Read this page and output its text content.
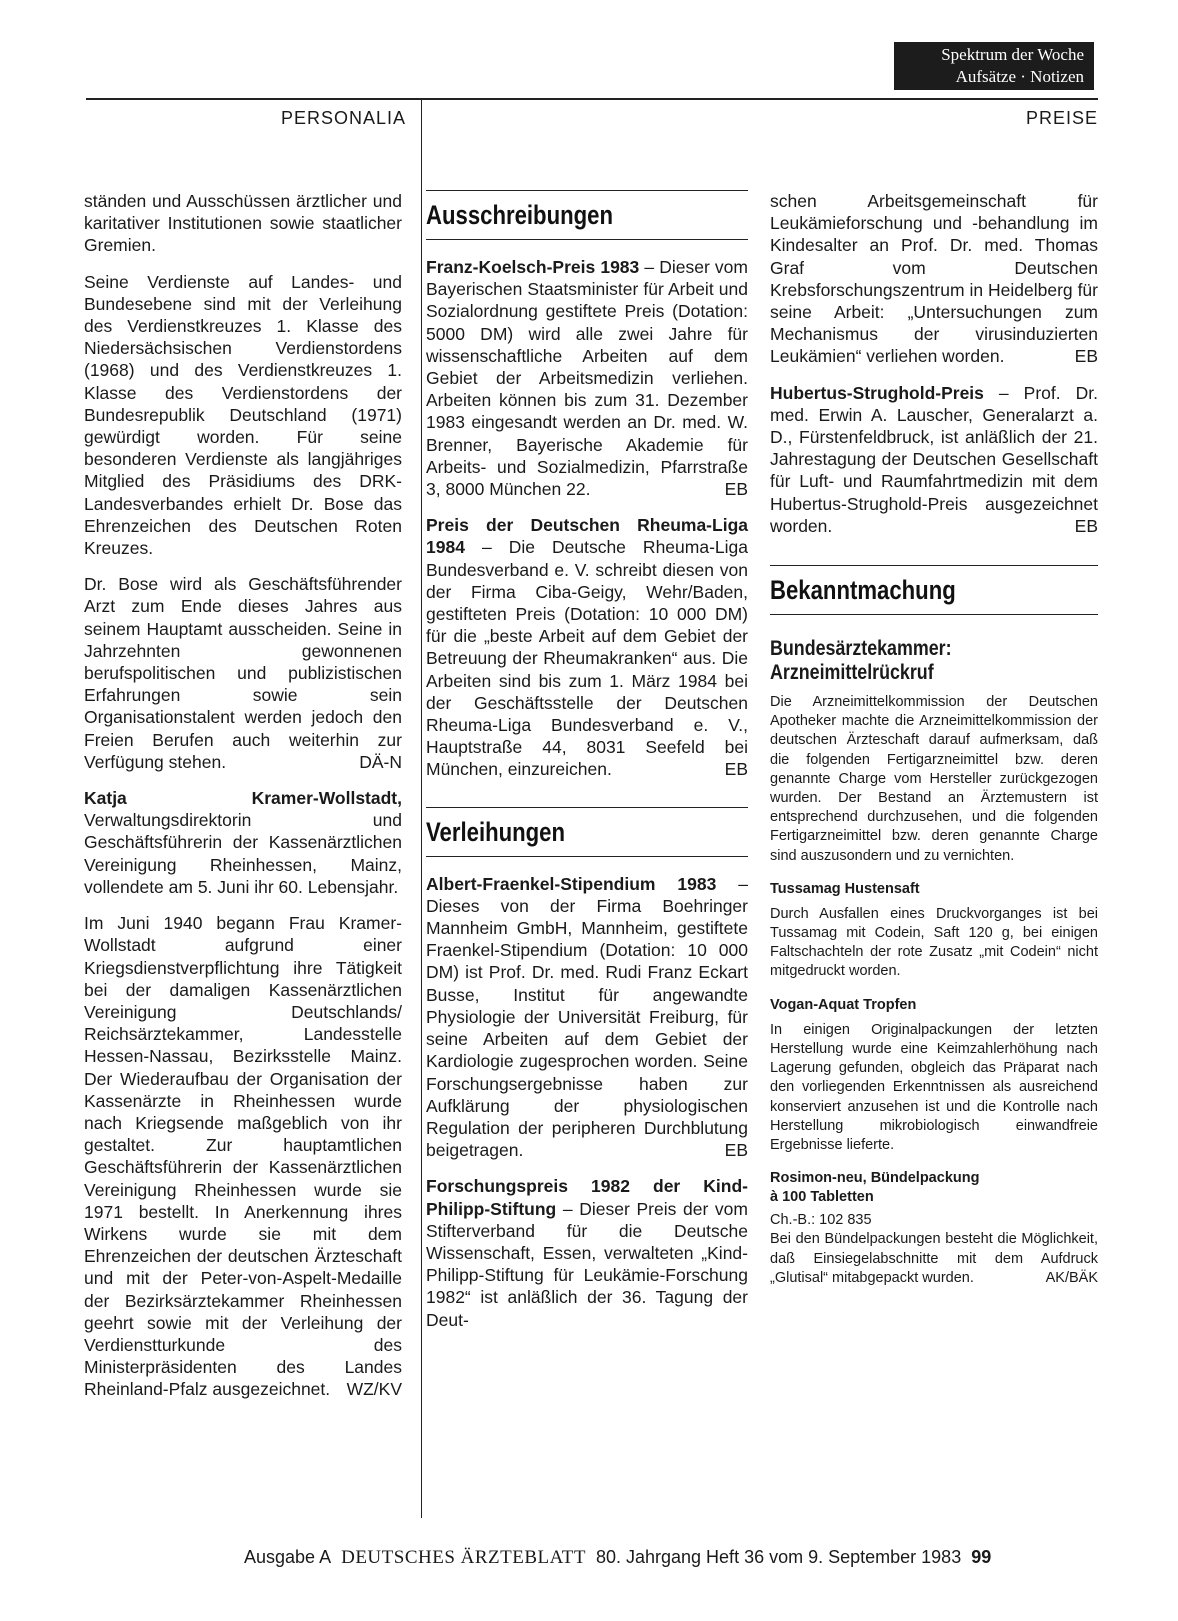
Spektrum der Woche
Aufsätze · Notizen
PERSONALIA	PREISE

ständen und Ausschüssen ärztlicher und karitativer Institutionen sowie staatlicher Gremien.

Seine Verdienste auf Landes- und Bundesebene sind mit der Verleihung des Verdienstkreuzes 1. Klasse des Niedersächsischen Verdienstordens (1968) und des Verdienstkreuzes 1. Klasse des Verdienstordens der Bundesrepublik Deutschland (1971) gewürdigt worden. Für seine besonderen Verdienste als langjähriges Mitglied des Präsidiums des DRK-Landesverbandes erhielt Dr. Bose das Ehrenzeichen des Deutschen Roten Kreuzes.

Dr. Bose wird als Geschäftsführender Arzt zum Ende dieses Jahres aus seinem Hauptamt ausscheiden. Seine in Jahrzehnten gewonnenen berufspolitischen und publizistischen Erfahrungen sowie sein Organisationstalent werden jedoch den Freien Berufen auch weiterhin zur Verfügung stehen.	DÄ-N

Katja Kramer-Wollstadt, Verwaltungsdirektorin und Geschäftsführerin der Kassenärztlichen Vereinigung Rheinhessen, Mainz, vollendete am 5. Juni ihr 60. Lebensjahr.

Im Juni 1940 begann Frau Kramer-Wollstadt aufgrund einer Kriegsdienstverpflichtung ihre Tätigkeit bei der damaligen Kassenärztlichen Vereinigung Deutschlands/ Reichsärztekammer, Landesstelle Hessen-Nassau, Bezirksstelle Mainz. Der Wiederaufbau der Organisation der Kassenärzte in Rheinhessen wurde nach Kriegsende maßgeblich von ihr gestaltet. Zur hauptamtlichen Geschäftsführerin der Kassenärztlichen Vereinigung Rheinhessen wurde sie 1971 bestellt. In Anerkennung ihres Wirkens wurde sie mit dem Ehrenzeichen der deutschen Ärzteschaft und mit der Peter-von-Aspelt-Medaille der Bezirksärztekammer Rheinhessen geehrt sowie mit der Verleihung der Verdienstturkunde des Ministerpräsidenten des Landes Rheinland-Pfalz ausgezeichnet. WZ/KV

Ausschreibungen

Franz-Koelsch-Preis 1983 – Dieser vom Bayerischen Staatsminister für Arbeit und Sozialordnung gestiftete Preis (Dotation: 5000 DM) wird alle zwei Jahre für wissenschaftliche Arbeiten auf dem Gebiet der Arbeitsmedizin verliehen. Arbeiten können bis zum 31. Dezember 1983 eingesandt werden an Dr. med. W. Brenner, Bayerische Akademie für Arbeits- und Sozialmedizin, Pfarrstraße 3, 8000 München 22.	EB

Preis der Deutschen Rheuma-Liga 1984 – Die Deutsche Rheuma-Liga Bundesverband e. V. schreibt diesen von der Firma Ciba-Geigy, Wehr/Baden, gestifteten Preis (Dotation: 10 000 DM) für die „beste Arbeit auf dem Gebiet der Betreuung der Rheumakranken“ aus. Die Arbeiten sind bis zum 1. März 1984 bei der Geschäftsstelle der Deutschen Rheuma-Liga Bundesverband e. V., Hauptstraße 44, 8031 Seefeld bei München, einzureichen.	EB

Verleihungen

Albert-Fraenkel-Stipendium 1983 – Dieses von der Firma Boehringer Mannheim GmbH, Mannheim, gestiftete Fraenkel-Stipendium (Dotation: 10 000 DM) ist Prof. Dr. med. Rudi Franz Eckart Busse, Institut für angewandte Physiologie der Universität Freiburg, für seine Arbeiten auf dem Gebiet der Kardiologie zugesprochen worden. Seine Forschungsergebnisse haben zur Aufklärung der physiologischen Regulation der peripheren Durchblutung beigetragen.	EB

Forschungspreis 1982 der Kind-Philipp-Stiftung – Dieser Preis der vom Stifterverband für die Deutsche Wissenschaft, Essen, verwalteten „Kind-Philipp-Stiftung für Leukämie-Forschung 1982“ ist anläßlich der 36. Tagung der Deut-

schen Arbeitsgemeinschaft für Leukämieforschung und -behandlung im Kindesalter an Prof. Dr. med. Thomas Graf vom Deutschen Krebsforschungszentrum in Heidelberg für seine Arbeit: „Untersuchungen zum Mechanismus der virusinduzierten Leukämien“ verliehen worden.	EB

Hubertus-Strughold-Preis – Prof. Dr. med. Erwin A. Lauscher, Generalarzt a. D., Fürstenfeldbruck, ist anläßlich der 21. Jahrestagung der Deutschen Gesellschaft für Luft- und Raumfahrtmedizin mit dem Hubertus-Strughold-Preis ausgezeichnet worden.	EB

Bekanntmachung
Bundesärztekammer:
Arzneimittelrückruf

Die Arzneimittelkommission der Deutschen Apotheker machte die Arzneimittelkommission der deutschen Ärzteschaft darauf aufmerksam, daß die folgenden Fertigarzneimittel bzw. deren genannte Charge vom Hersteller zurückgezogen wurden. Der Bestand an Ärztemustern ist entsprechend durchzusehen, und die folgenden Fertigarzneimittel bzw. deren genannte Charge sind auszusondern und zu vernichten.

Tussamag Hustensaft

Durch Ausfallen eines Druckvorganges ist bei Tussamag mit Codein, Saft 120 g, bei einigen Faltschachteln der rote Zusatz „mit Codein“ nicht mitgedruckt worden.

Vogan-Aquat Tropfen

In einigen Originalpackungen der letzten Herstellung wurde eine Keimzahlerhöhung nach Lagerung gefunden, obgleich das Präparat nach den vorliegenden Erkenntnissen als ausreichend konserviert anzusehen ist und die Kontrolle nach Herstellung mikrobiologisch einwandfreie Ergebnisse lieferte.

Rosimon-neu, Bündelpackung
à 100 Tabletten
Ch.-B.: 102 835

Bei den Bündelpackungen besteht die Möglichkeit, daß Einsiegelabschnitte mit dem Aufdruck „Glutisal“ mitabgepackt wurden.	AK/BÄK

Ausgabe A DEUTSCHES ÄRZTEBLATT 80. Jahrgang Heft 36 vom 9. September 1983 99
